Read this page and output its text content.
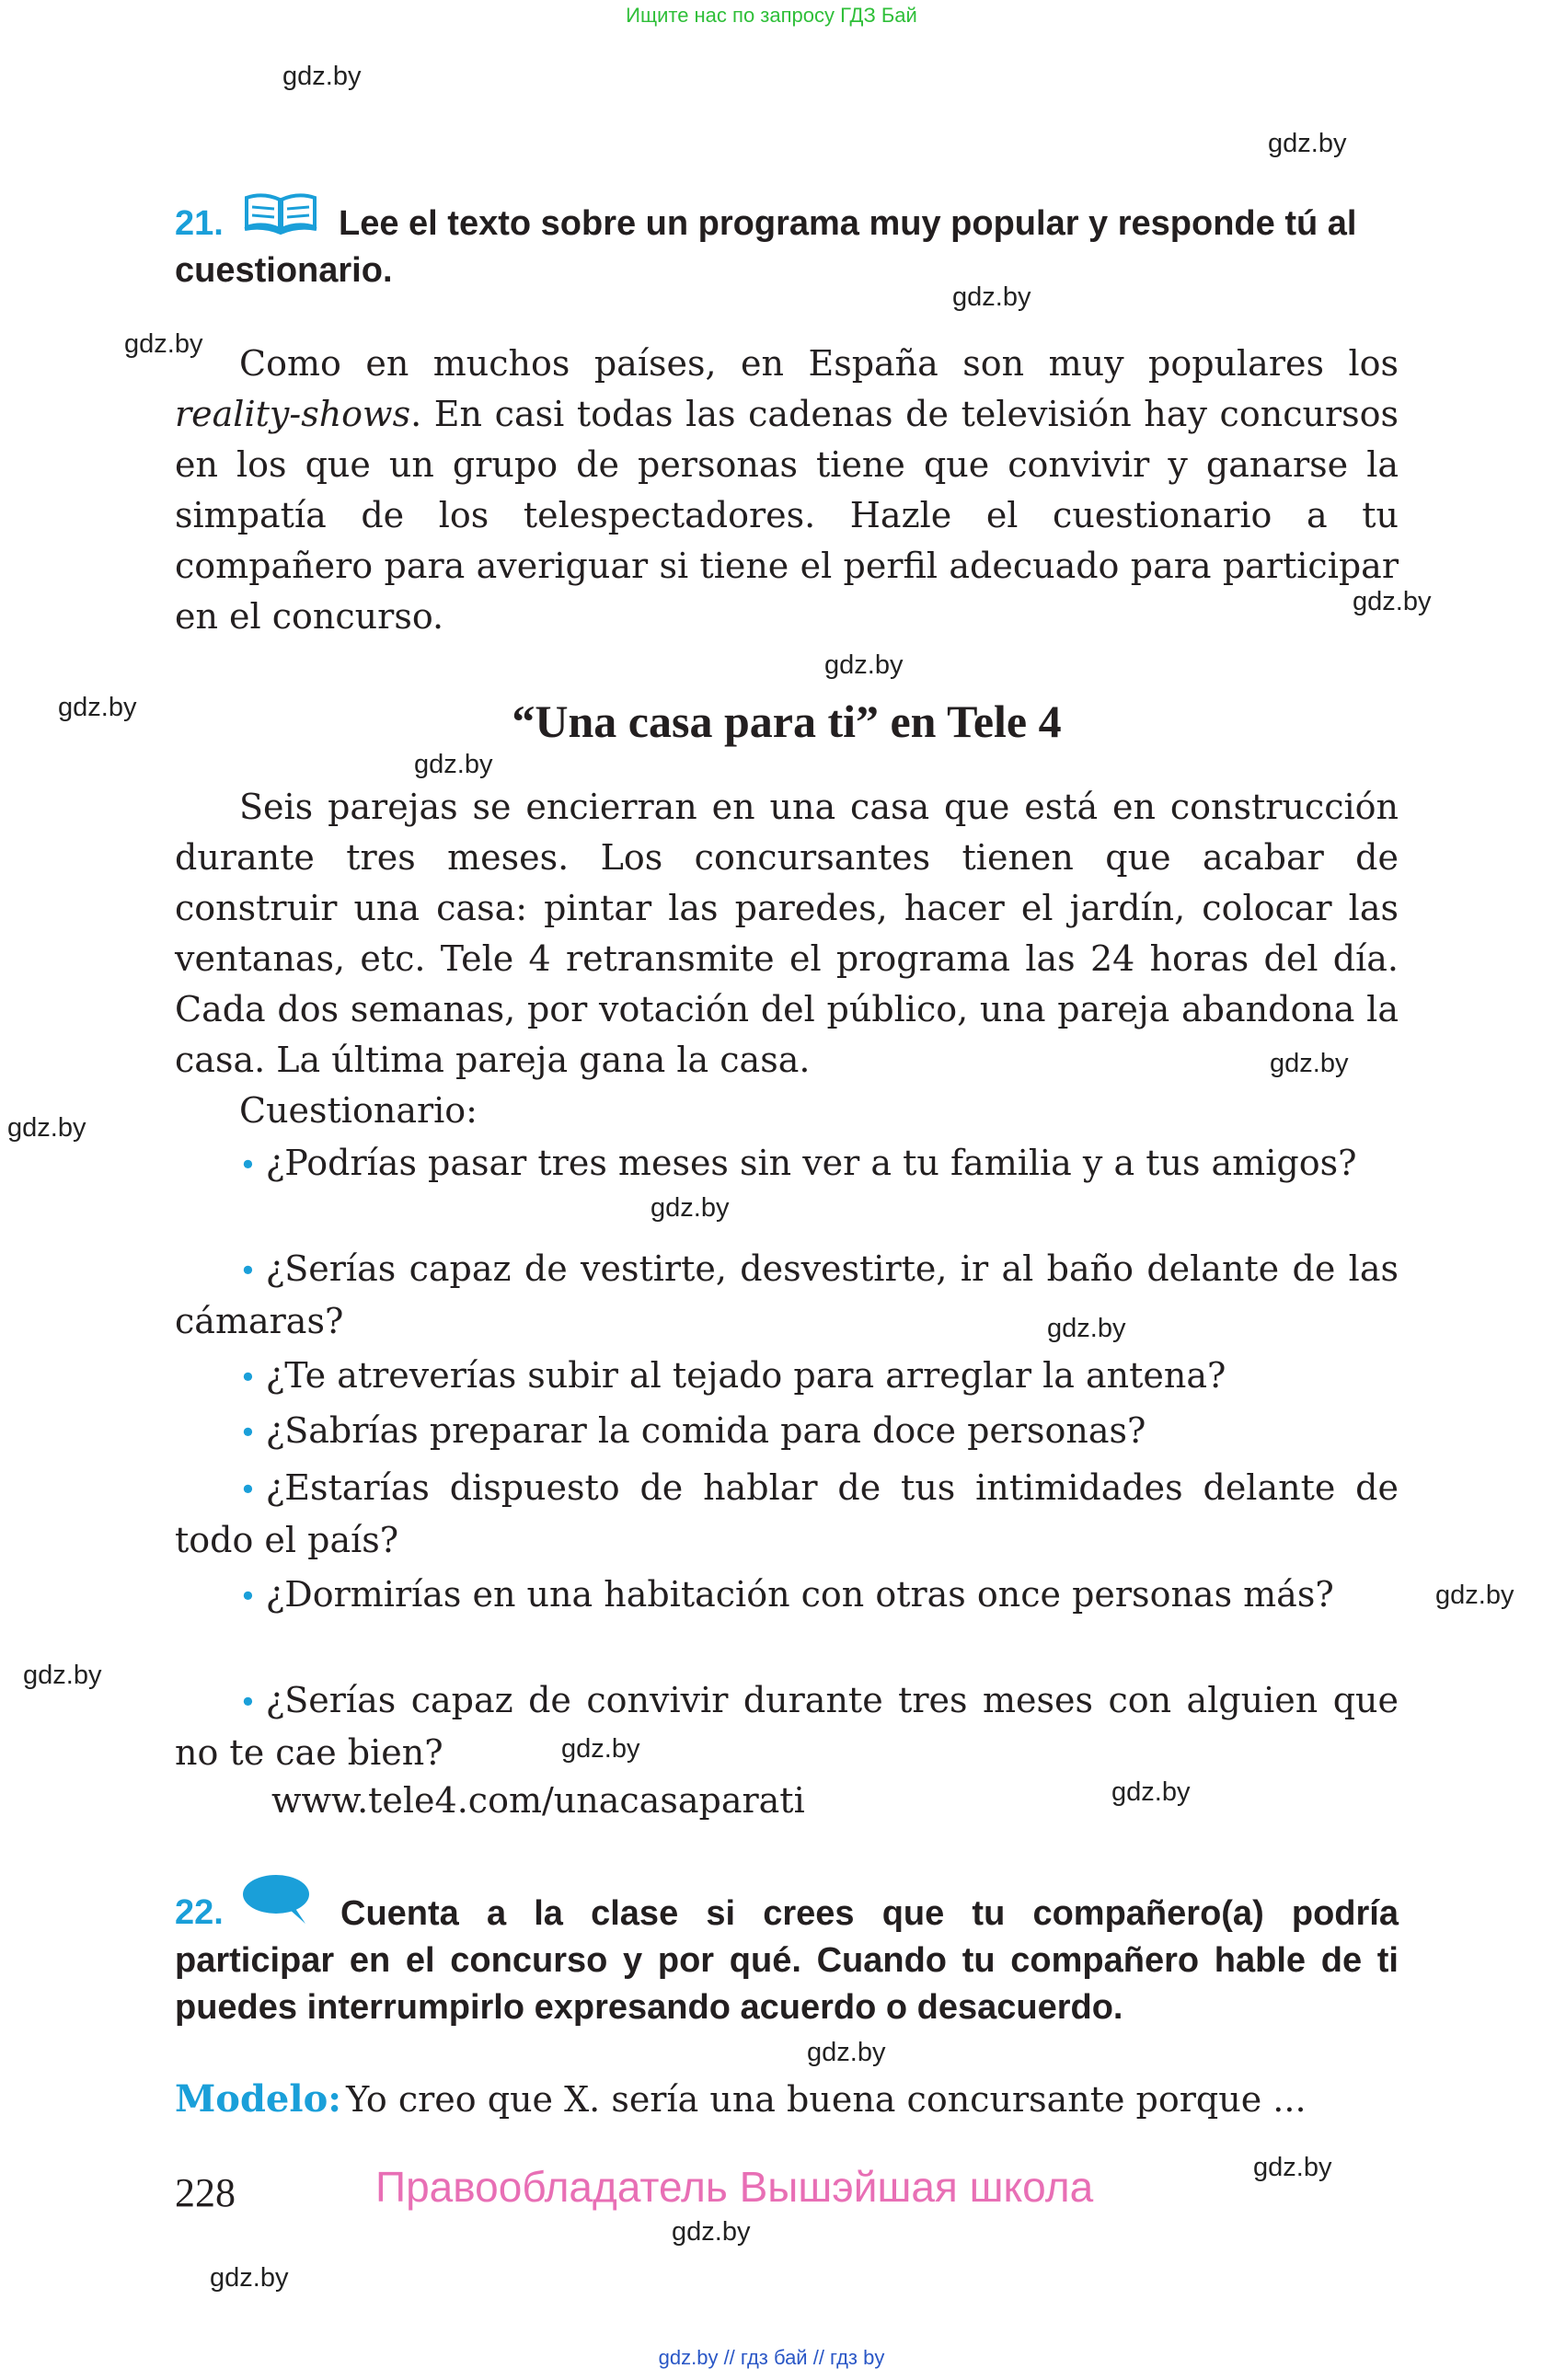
Ищите нас по запросу ГДЗ Бай
gdz.by
gdz.by
gdz.by
gdz.by
gdz.by
gdz.by
gdz.by
gdz.by
gdz.by
gdz.by
gdz.by
gdz.by
gdz.by
gdz.by
gdz.by
gdz.by
gdz.by
gdz.by
gdz.by
gdz.by
21.	Lee el texto sobre un programa muy popular y responde tú al cuestionario.

Como en muchos países, en España son muy populares los reality-shows. En casi todas las cadenas de televisión hay concursos en los que un grupo de personas tiene que convivir y ganarse la simpatía de los telespectadores. Hazle el cuestionario a tu compañero para averiguar si tiene el perfil adecuado para participar en el concurso.

“Una casa para ti” en Tele 4

Seis parejas se encierran en una casa que está en construcción durante tres meses. Los concursantes tienen que acabar de construir una casa: pintar las paredes, hacer el jardín, colocar las ventanas, etc. Tele 4 retransmite el programa las 24 horas del día. Cada dos semanas, por votación del público, una pareja abandona la casa. La última pareja gana la casa.

Cuestionario:

• ¿Podrías pasar tres meses sin ver a tu familia y a tus amigos?

• ¿Serías capaz de vestirte, desvestirte, ir al baño delante de las cámaras?

• ¿Te atreverías subir al tejado para arreglar la antena?

• ¿Sabrías preparar la comida para doce personas?

• ¿Estarías dispuesto de hablar de tus intimidades delante de todo el país?

• ¿Dormirías en una habitación con otras once personas más?

• ¿Serías capaz de convivir durante tres meses con alguien que no te cae bien?

www.tele4.com/unacasaparati
22.	Cuenta a la clase si crees que tu compañero(a) podría participar en el concurso y por qué. Cuando tu compañero hable de ti puedes interrumpirlo expresando acuerdo o desacuerdo.
Modelo: Yo creo que X. sería una buena concursante porque ...
228	Правообладатель Вышэйшая школа
gdz.by // гдз бай // гдз by
